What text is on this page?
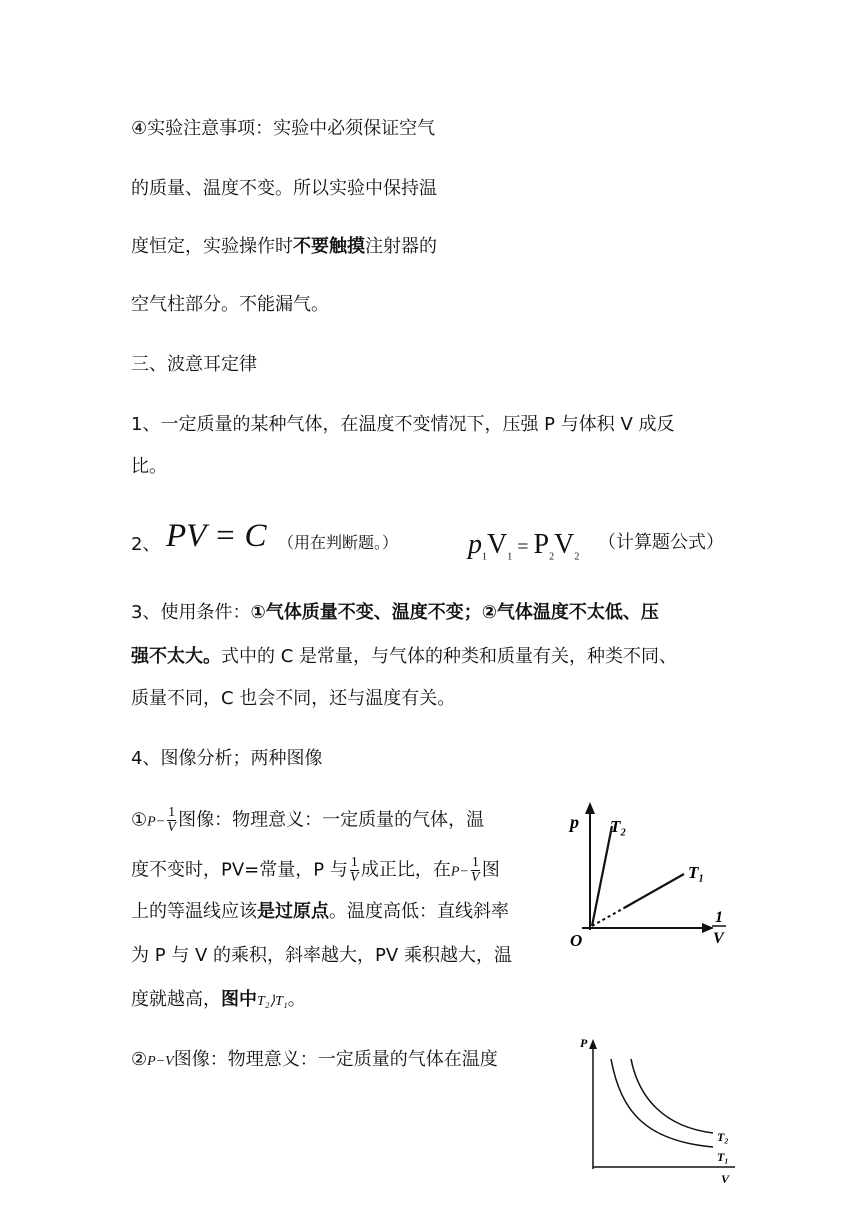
④实验注意事项：实验中必须保证空气
的质量、温度不变。所以实验中保持温
度恒定，实验操作时不要触摸注射器的
空气柱部分。不能漏气。
三、波意耳定律
1、一定质量的某种气体，在温度不变情况下，压强 P 与体积 V 成反
比。
2、 PV = C （用在判断题。） $p_1V_1 = P_2V_2$
（计算题公式）
3、使用条件：①气体质量不变、温度不变；②气体温度不太低、压
强不太大。式中的 C 是常量，与气体的种类和质量有关，种类不同、
质量不同，C 也会不同，还与温度有关。
4、图像分析；两种图像
①P− $\frac{1}{V}$ 图像：物理意义：一定质量的气体，温
度不变时，PV=常量，P 与 $\frac{1}{V}$ 成正比，在$P- \frac{1}{V}$ 图
上的等温线应该是过原点。温度高低：直线斜率
为 P 与 V 的乘积，斜率越大，PV 乘积越大，温
度就越高，图中T₂⟩T₁。
②P−V图像：物理意义：一定质量的气体在温度
p T₂
T₁
O
1
V
P
T₂
T₁
V
